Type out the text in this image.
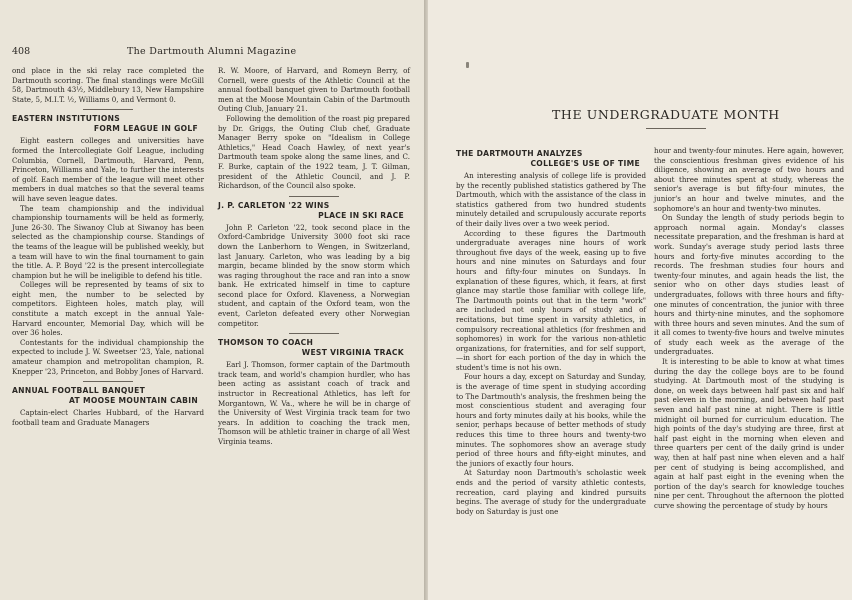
408	The Dartmouth Alumni Magazine

ond place in the ski relay race completed the Dartmouth scoring. The final standings were McGill 58, Dartmouth 43½, Middlebury 13, New Hampshire State, 5, M.I.T. ½, Williams 0, and Vermont 0.

EASTERN INSTITUTIONS
FORM LEAGUE IN GOLF

Eight eastern colleges and universities have formed the Intercollegiate Golf League, including Columbia, Cornell, Dartmouth, Harvard, Penn, Princeton, Williams and Yale, to further the interests of golf. Each member of the league will meet other members in dual matches so that the several teams will have seven league dates.

The team championship and the individual championship tournaments will be held as formerly, June 26-30. The Siwanoy Club at Siwanoy has been selected as the championship course. Standings of the teams of the league will be published weekly, but a team will have to win the final tournament to gain the title. A. P. Boyd '22 is the present intercollegiate champion but he will be ineligible to defend his title.

Colleges will be represented by teams of six to eight men, the number to be selected by competitors. Eighteen holes, match play, will constitute a match except in the annual Yale-Harvard encounter, Memorial Day, which will be over 36 holes.

Contestants for the individual championship the expected to include J. W. Sweetser '23, Yale, national amateur champion and metropolitan champion, R. Knepper '23, Princeton, and Bobby Jones of Harvard.

ANNUAL FOOTBALL BANQUET
AT MOOSE MOUNTAIN CABIN

Captain-elect Charles Hubbard, of the Harvard football team and Graduate Managers

R. W. Moore, of Harvard, and Romeyn Berry, of Cornell, were guests of the Athletic Council at the annual football banquet given to Dartmouth football men at the Moose Mountain Cabin of the Dartmouth Outing Club, January 21.

Following the demolition of the roast pig prepared by Dr. Griggs, the Outing Club chef, Graduate Manager Berry spoke on "Idealism in College Athletics," Head Coach Hawley, of next year's Dartmouth team spoke along the same lines, and C. F. Burke, captain of the 1922 team, J. T. Gilman, president of the Athletic Council, and J. P. Richardson, of the Council also spoke.

J. P. CARLETON '22 WINS
PLACE IN SKI RACE

John P. Carleton '22, took second place in the Oxford-Cambridge University 3000 foot ski race down the Lanberhorn to Wengen, in Switzerland, last January. Carleton, who was leading by a big margin, became blinded by the snow storm which was raging throughout the race and ran into a snow bank. He extricated himself in time to capture second place for Oxford. Klaveness, a Norwegian student, and captain of the Oxford team, won the event, Carleton defeated every other Norwegian competitor.

THOMSON TO COACH
WEST VIRGINIA TRACK

Earl J. Thomson, former captain of the Dartmouth track team, and world's champion hurdler, who has been acting as assistant coach of track and instructor in Recreational Athletics, has left for Morgantown, W. Va., where he will be in charge of the University of West Virginia track team for two years. In addition to coaching the track men, Thomson will be athletic trainer in charge of all West Virginia teams.

THE UNDERGRADUATE MONTH
THE DARTMOUTH ANALYZES
COLLEGE'S USE OF TIME

An interesting analysis of college life is provided by the recently published statistics gathered by The Dartmouth, which with the assistance of the class in statistics gathered from two hundred students minutely detailed and scrupulously accurate reports of their daily lives over a two week period.

According to these figures the Dartmouth undergraduate averages nine hours of work throughout five days of the week, easing up to five hours and nine minutes on Saturdays and four hours and fifty-four minutes on Sundays. In explanation of these figures, which, it fears, at first glance may startle those familiar with college life, The Dartmouth points out that in the term "work" are included not only hours of study and of recitations, but time spent in varsity athletics, in compulsory recreational athletics (for freshmen and sophomores) in work for the various non-athletic organizations, for fraternities, and for self support,—in short for each portion of the day in which the student's time is not his own.

Four hours a day, except on Saturday and Sunday, is the average of time spent in studying according to The Dartmouth's analysis, the freshmen being the most conscientious student and averaging four hours and forty minutes daily at his books, while the senior, perhaps because of better methods of study reduces this time to three hours and twenty-two minutes. The sophomores show an average study period of three hours and fifty-eight minutes, and the juniors of exactly four hours.

At Saturday noon Dartmouth's scholastic week ends and the period of varsity athletic contests, recreation, card playing and kindred pursuits begins. The average of study for the undergraduate body on Saturday is just one

hour and twenty-four minutes. Here again, however, the conscientious freshman gives evidence of his diligence, showing an average of two hours and about three minutes spent at study, whereas the senior's average is but fifty-four minutes, the junior's an hour and twelve minutes, and the sophomore's an hour and twenty-two minutes.

On Sunday the length of study periods begin to approach normal again. Monday's classes necessitate preparation, and the freshman is hard at work. Sunday's average study period lasts three hours and forty-five minutes according to the records. The freshman studies four hours and twenty-four minutes, and again heads the list, the senior who on other days studies least of undergraduates, follows with three hours and fifty-one minutes of concentration, the junior with three hours and thirty-nine minutes, and the sophomore with three hours and seven minutes. And the sum of it all comes to twenty-five hours and twelve minutes of study each week as the average of the undergraduates.

It is interesting to be able to know at what times during the day the college boys are to be found studying. At Dartmouth most of the studying is done, on week days between half past six and half past eleven in the morning, and between half past seven and half past nine at night. There is little midnight oil burned for curriculum education. The high points of the day's studying are three, first at half past eight in the morning when eleven and three quarters per cent of the daily grind is under way, then at half past nine when eleven and a half per cent of studying is being accomplished, and again at half past eight in the evening when the portion of the day's search for knowledge touches nine per cent. Throughout the afternoon the plotted curve showing the percentage of study by hours
